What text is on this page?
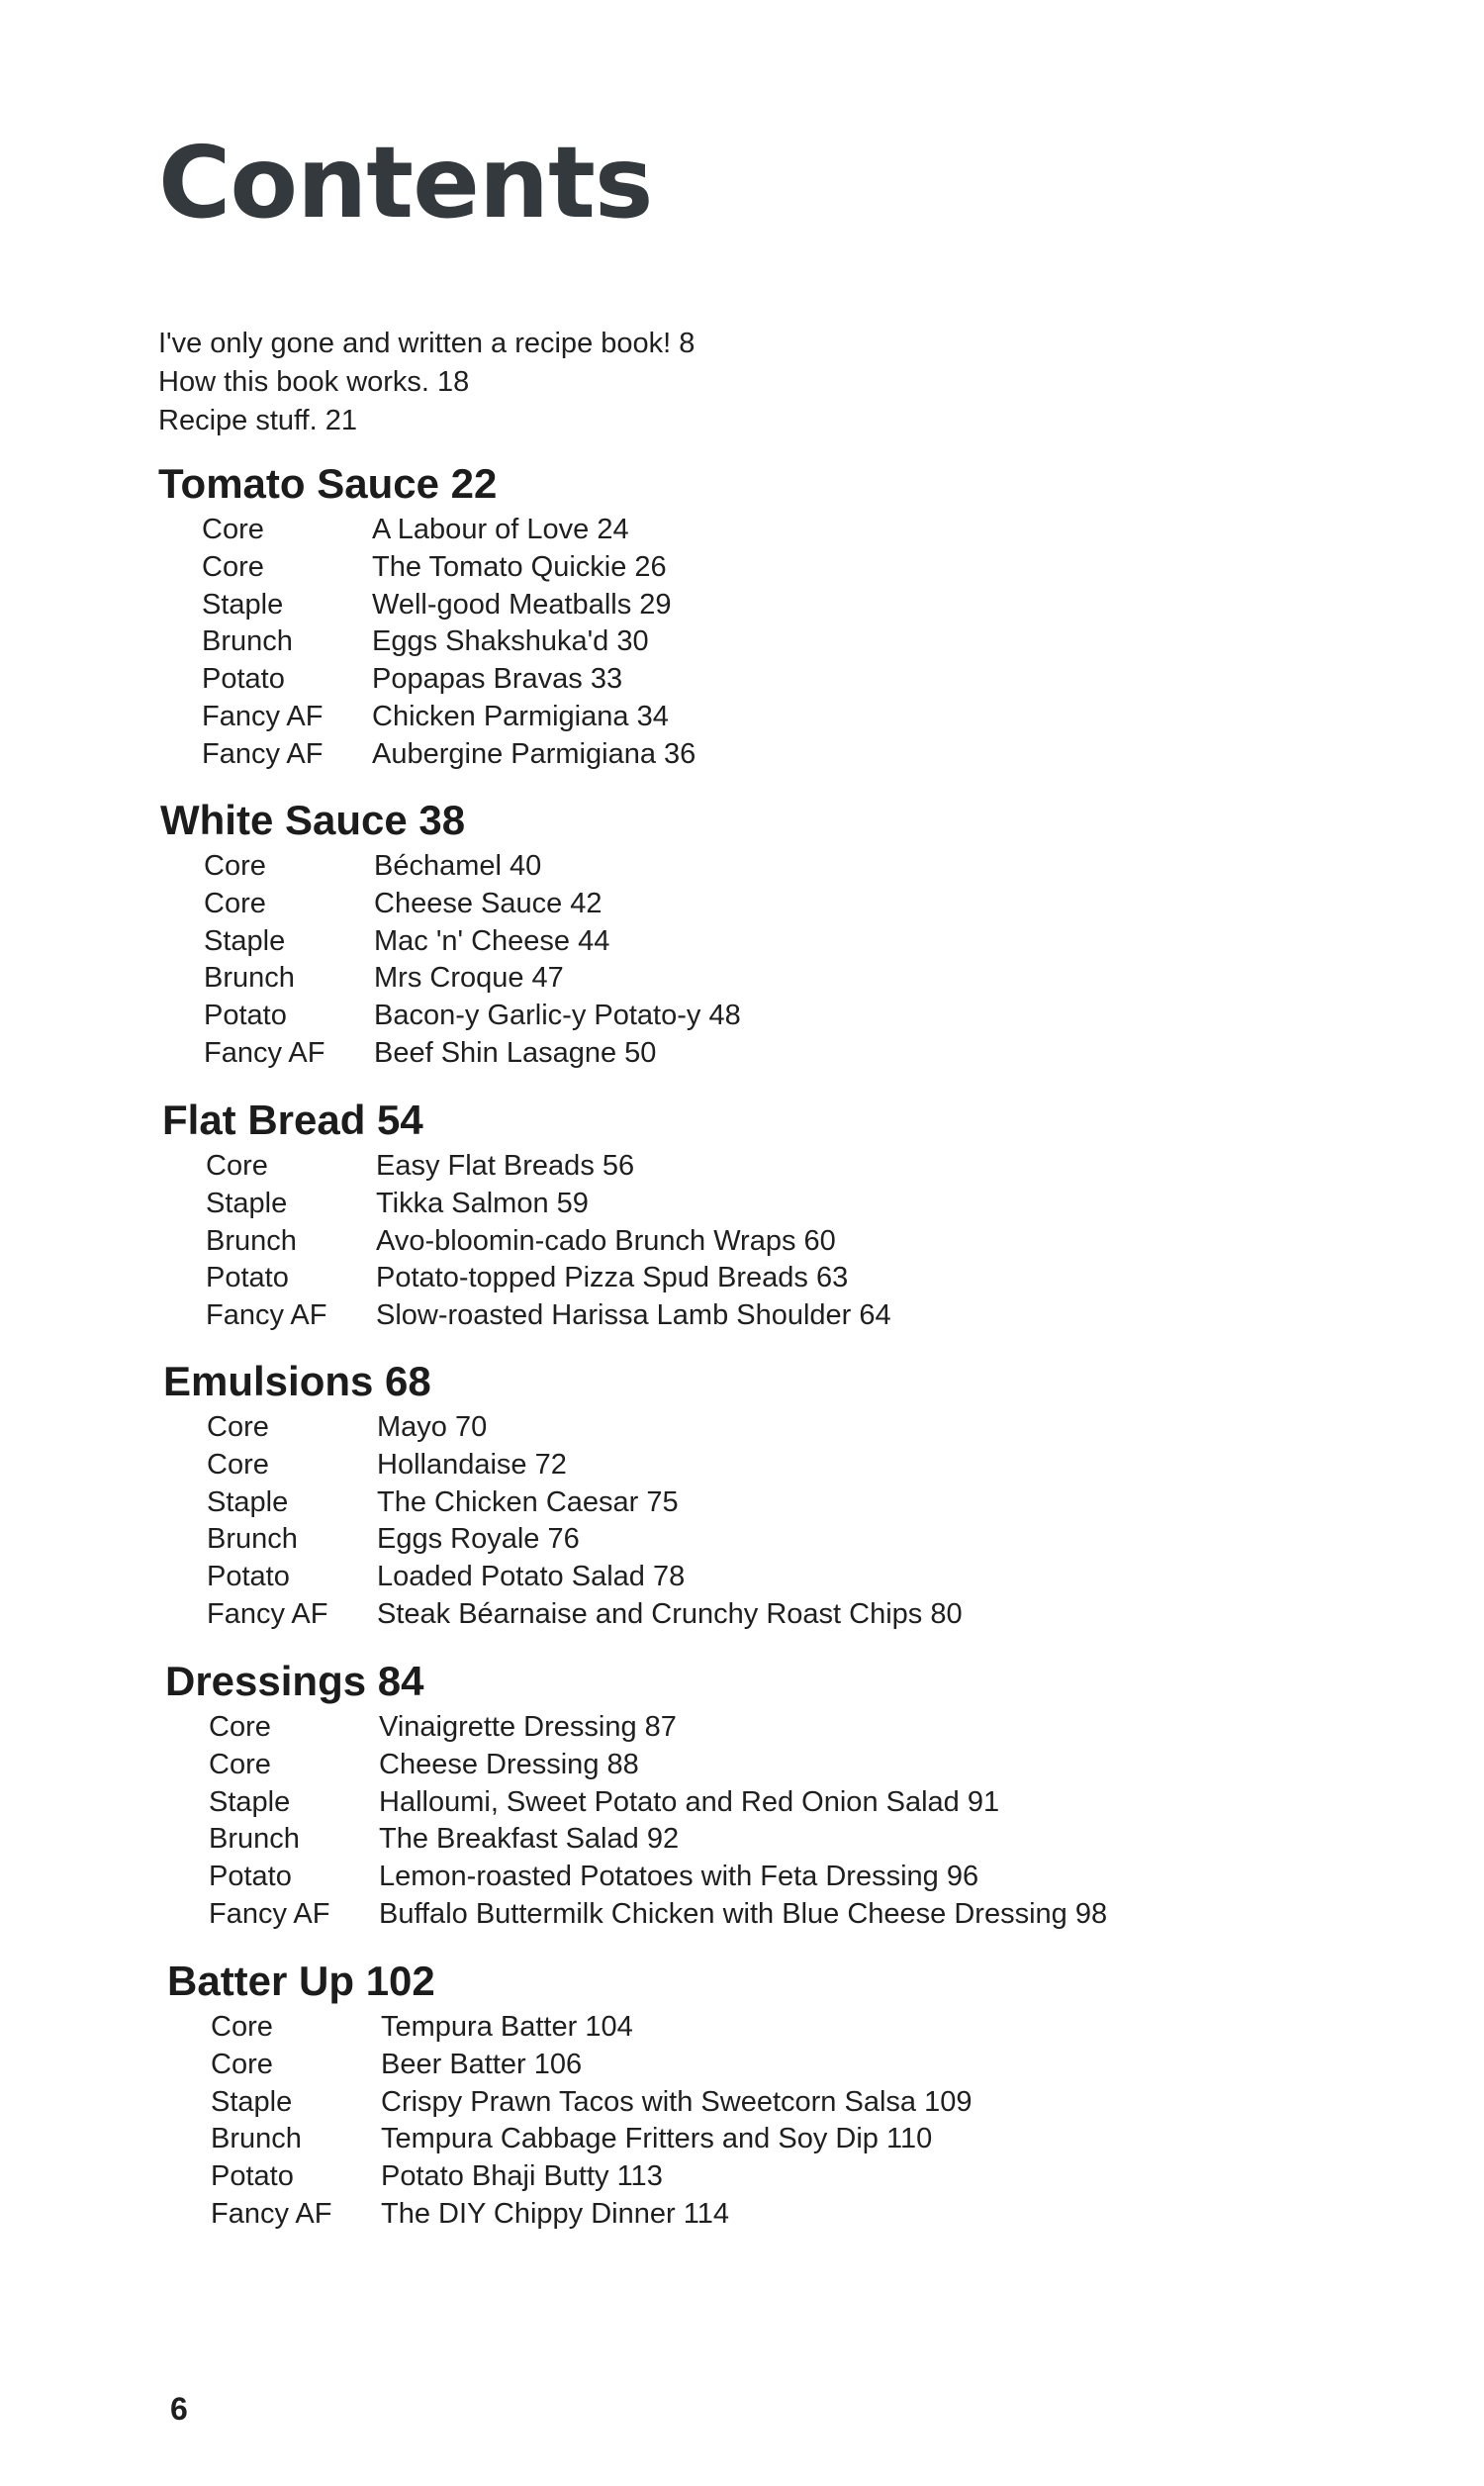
Contents
I've only gone and written a recipe book! 8
How this book works. 18
Recipe stuff. 21
Tomato Sauce 22
Core	A Labour of Love 24
Core	The Tomato Quickie 26
Staple	Well-good Meatballs 29
Brunch	Eggs Shakshuka'd 30
Potato	Popapas Bravas 33
Fancy AF	Chicken Parmigiana 34
Fancy AF	Aubergine Parmigiana 36
White Sauce 38
Core	Béchamel 40
Core	Cheese Sauce 42
Staple	Mac 'n' Cheese 44
Brunch	Mrs Croque 47
Potato	Bacon-y Garlic-y Potato-y 48
Fancy AF	Beef Shin Lasagne 50
Flat Bread 54
Core	Easy Flat Breads 56
Staple	Tikka Salmon 59
Brunch	Avo-bloomin-cado Brunch Wraps 60
Potato	Potato-topped Pizza Spud Breads 63
Fancy AF	Slow-roasted Harissa Lamb Shoulder 64
Emulsions 68
Core	Mayo 70
Core	Hollandaise 72
Staple	The Chicken Caesar 75
Brunch	Eggs Royale 76
Potato	Loaded Potato Salad 78
Fancy AF	Steak Béarnaise and Crunchy Roast Chips 80
Dressings 84
Core	Vinaigrette Dressing 87
Core	Cheese Dressing 88
Staple	Halloumi, Sweet Potato and Red Onion Salad 91
Brunch	The Breakfast Salad 92
Potato	Lemon-roasted Potatoes with Feta Dressing 96
Fancy AF	Buffalo Buttermilk Chicken with Blue Cheese Dressing 98
Batter Up 102
Core	Tempura Batter 104
Core	Beer Batter 106
Staple	Crispy Prawn Tacos with Sweetcorn Salsa 109
Brunch	Tempura Cabbage Fritters and Soy Dip 110
Potato	Potato Bhaji Butty 113
Fancy AF	The DIY Chippy Dinner 114
6
